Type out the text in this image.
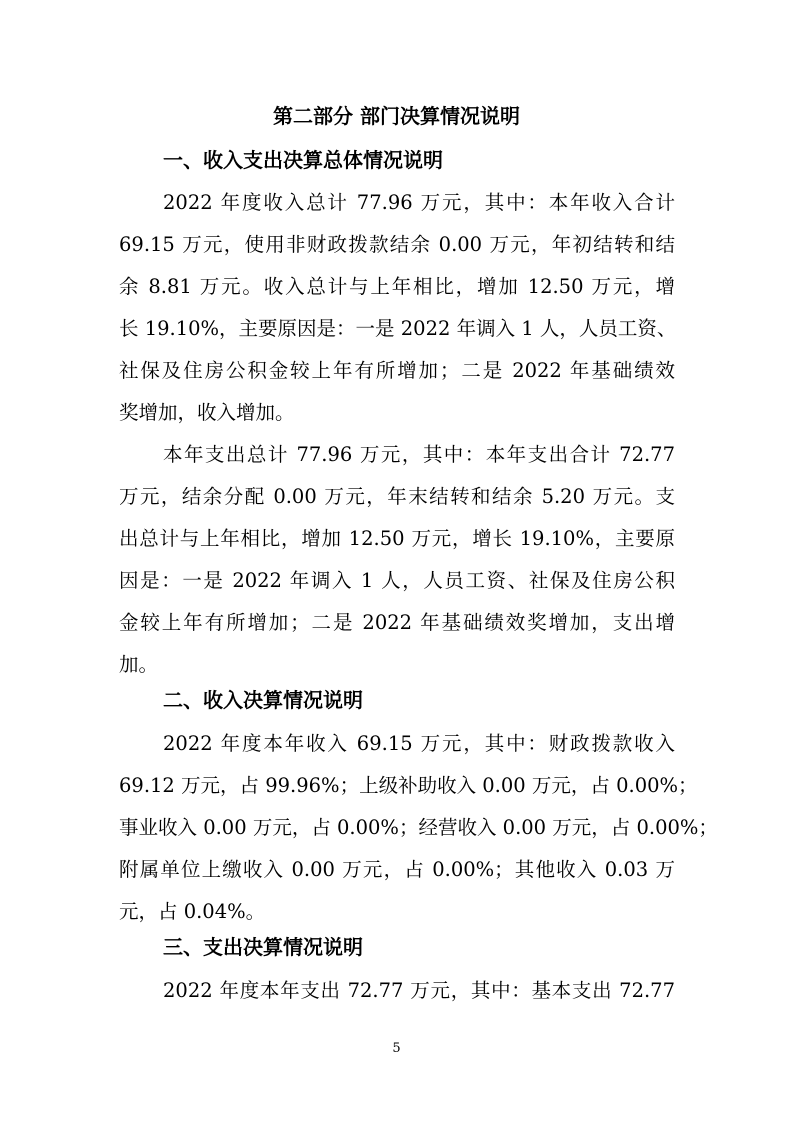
第二部分 部门决算情况说明
一、收入支出决算总体情况说明
2022 年度收入总计 77.96 万元，其中：本年收入合计
69.15 万元，使用非财政拨款结余 0.00 万元，年初结转和结
余 8.81 万元。收入总计与上年相比，增加 12.50 万元，增
长 19.10%，主要原因是：一是 2022 年调入 1 人，人员工资、
社保及住房公积金较上年有所增加；二是 2022 年基础绩效
奖增加，收入增加。
本年支出总计 77.96 万元，其中：本年支出合计 72.77
万元，结余分配 0.00 万元，年末结转和结余 5.20 万元。支
出总计与上年相比，增加 12.50 万元，增长 19.10%，主要原
因是：一是 2022 年调入 1 人，人员工资、社保及住房公积
金较上年有所增加；二是 2022 年基础绩效奖增加，支出增
加。
二、收入决算情况说明
2022 年度本年收入 69.15 万元，其中：财政拨款收入
69.12 万元，占 99.96%；上级补助收入 0.00 万元，占 0.00%；
事业收入 0.00 万元，占 0.00%；经营收入 0.00 万元，占 0.00%；
附属单位上缴收入 0.00 万元，占 0.00%；其他收入 0.03 万
元，占 0.04%。
三、支出决算情况说明
2022 年度本年支出 72.77 万元，其中：基本支出 72.77
5
